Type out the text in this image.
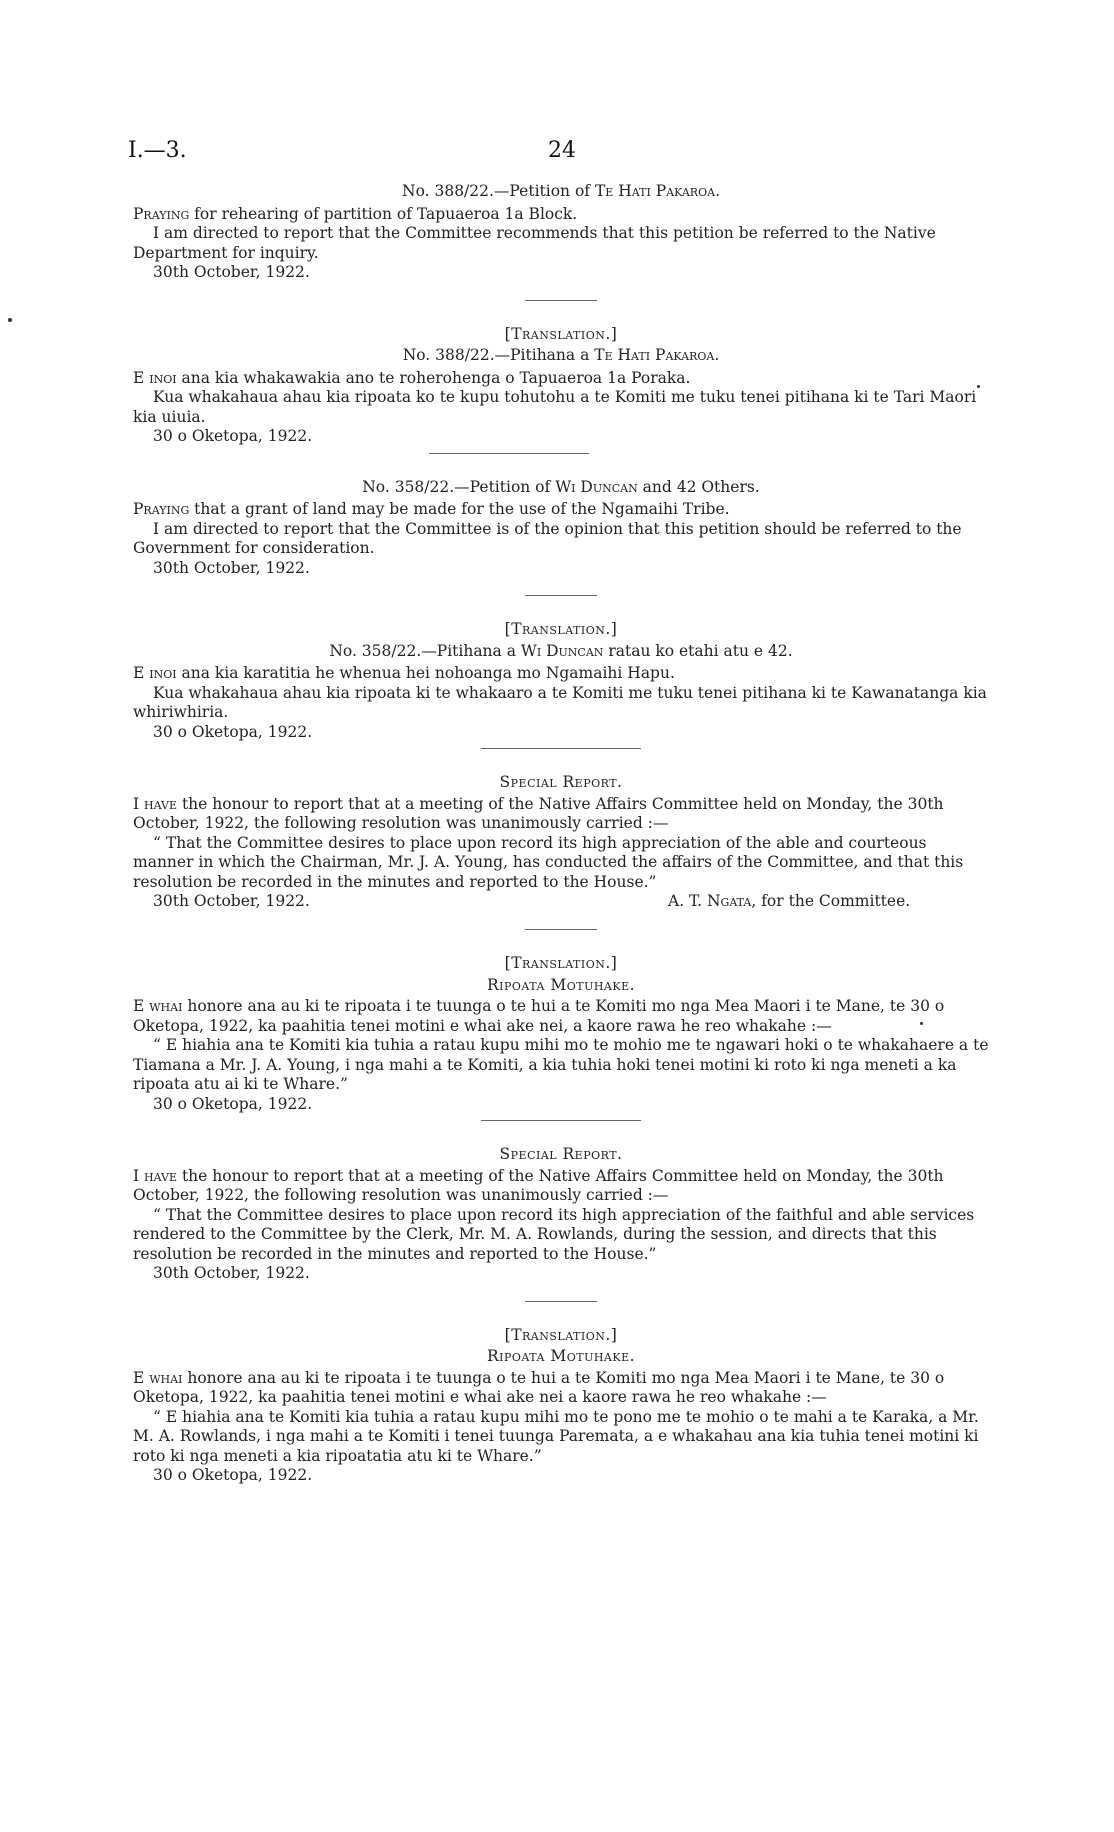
I.—3.	24

No. 388/22.—Petition of Te Hati Pakaroa.

Praying for rehearing of partition of Tapuaeroa 1a Block.

I am directed to report that the Committee recommends that this petition be referred to the Native Department for inquiry.

30th October, 1922.

[Translation.]

No. 388/22.—Pitihana a Te Hati Pakaroa.

E inoi ana kia whakawakia ano te roherohenga o Tapuaeroa 1a Poraka.

Kua whakahaua ahau kia ripoata ko te kupu tohutohu a te Komiti me tuku tenei pitihana ki te Tari Maori kia uiuia.

30 o Oketopa, 1922.

No. 358/22.—Petition of Wi Duncan and 42 Others.

Praying that a grant of land may be made for the use of the Ngamaihi Tribe.

I am directed to report that the Committee is of the opinion that this petition should be referred to the Government for consideration.

30th October, 1922.

[Translation.]

No. 358/22.—Pitihana a Wi Duncan ratau ko etahi atu e 42.

E inoi ana kia karatitia he whenua hei nohoanga mo Ngamaihi Hapu.

Kua whakahaua ahau kia ripoata ki te whakaaro a te Komiti me tuku tenei pitihana ki te Kawanatanga kia whiriwhiria.

30 o Oketopa, 1922.

Special Report.

I have the honour to report that at a meeting of the Native Affairs Committee held on Monday, the 30th October, 1922, the following resolution was unanimously carried :—

“ That the Committee desires to place upon record its high appreciation of the able and courteous manner in which the Chairman, Mr. J. A. Young, has conducted the affairs of the Committee, and that this resolution be recorded in the minutes and reported to the House.”

30th October, 1922.	A. T. Ngata, for the Committee.

[Translation.]

Ripoata Motuhake.

E whai honore ana au ki te ripoata i te tuunga o te hui a te Komiti mo nga Mea Maori i te Mane, te 30 o Oketopa, 1922, ka paahitia tenei motini e whai ake nei, a kaore rawa he reo whakahe :—

“ E hiahia ana te Komiti kia tuhia a ratau kupu mihi mo te mohio me te ngawari hoki o te whakahaere a te Tiamana a Mr. J. A. Young, i nga mahi a te Komiti, a kia tuhia hoki tenei motini ki roto ki nga meneti a ka ripoata atu ai ki te Whare.”

30 o Oketopa, 1922.

Special Report.

I have the honour to report that at a meeting of the Native Affairs Committee held on Monday, the 30th October, 1922, the following resolution was unanimously carried :—

“ That the Committee desires to place upon record its high appreciation of the faithful and able services rendered to the Committee by the Clerk, Mr. M. A. Rowlands, during the session, and directs that this resolution be recorded in the minutes and reported to the House.”

30th October, 1922.

[Translation.]

Ripoata Motuhake.

E whai honore ana au ki te ripoata i te tuunga o te hui a te Komiti mo nga Mea Maori i te Mane, te 30 o Oketopa, 1922, ka paahitia tenei motini e whai ake nei a kaore rawa he reo whakahe :—

“ E hiahia ana te Komiti kia tuhia a ratau kupu mihi mo te pono me te mohio o te mahi a te Karaka, a Mr. M. A. Rowlands, i nga mahi a te Komiti i tenei tuunga Paremata, a e whakahau ana kia tuhia tenei motini ki roto ki nga meneti a kia ripoatatia atu ki te Whare.”

30 o Oketopa, 1922.
